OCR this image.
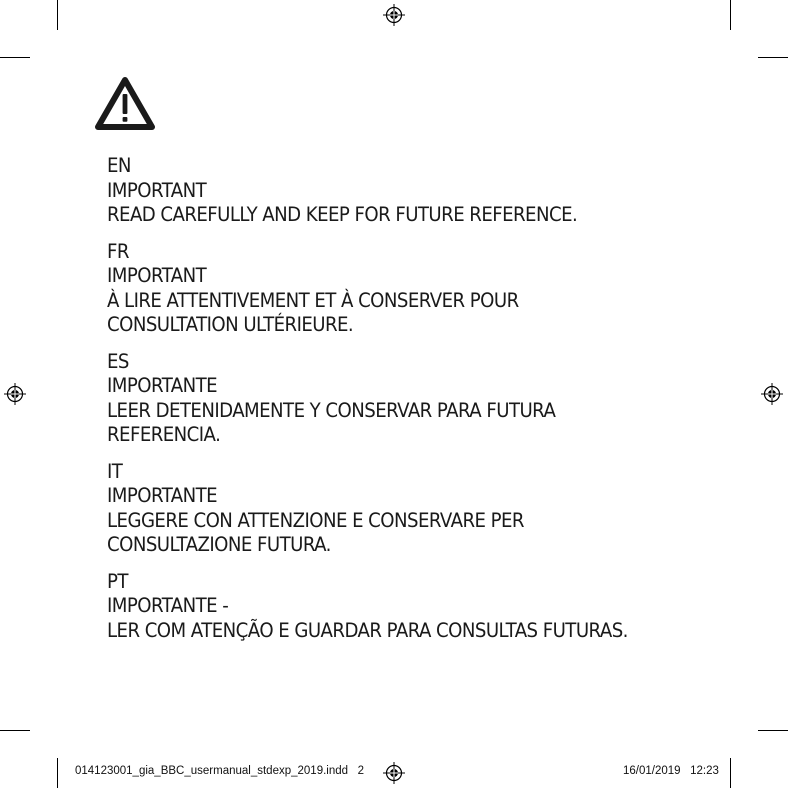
EN
IMPORTANT
READ CAREFULLY AND KEEP FOR FUTURE REFERENCE.
FR
IMPORTANT
À LIRE ATTENTIVEMENT ET À CONSERVER POUR
CONSULTATION ULTÉRIEURE.
ES
IMPORTANTE
LEER DETENIDAMENTE Y CONSERVAR PARA FUTURA
REFERENCIA.
IT
IMPORTANTE
LEGGERE CON ATTENZIONE E CONSERVARE PER
CONSULTAZIONE FUTURA.
PT
IMPORTANTE -
LER COM ATENÇÃO E GUARDAR PARA CONSULTAS FUTURAS.
014123001_gia_BBC_usermanual_stdexp_2019.indd   2	16/01/2019   12:23
